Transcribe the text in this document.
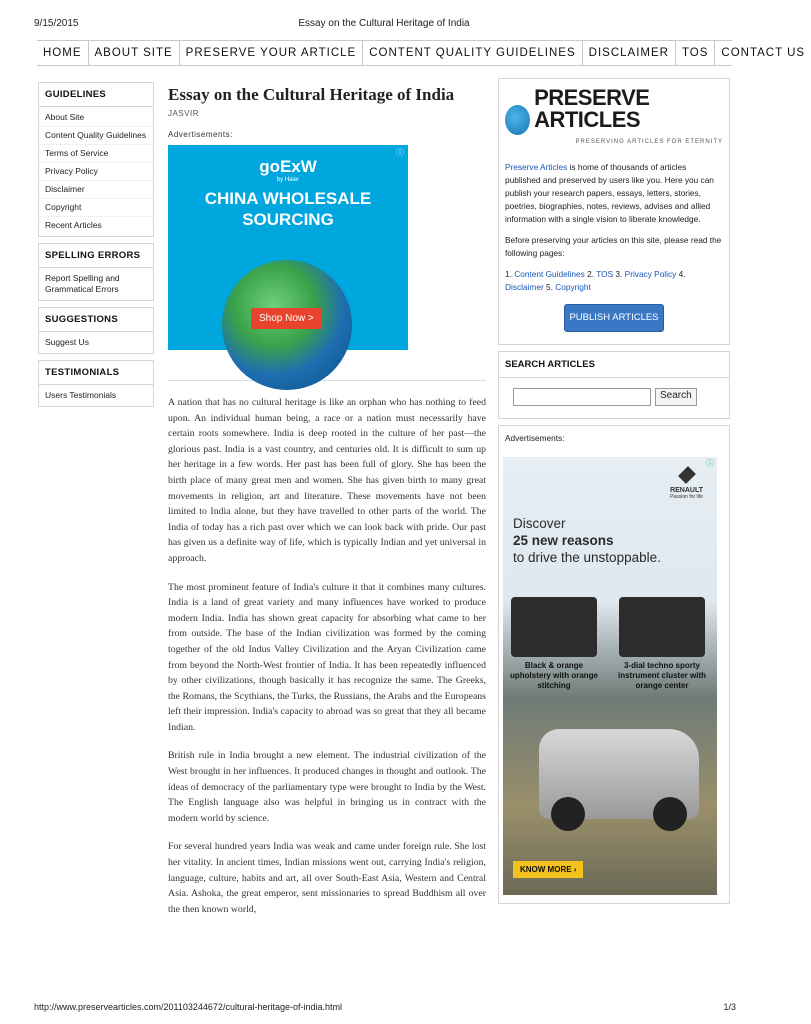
9/15/2015	Essay on the Cultural Heritage of India
HOME	ABOUT SITE	PRESERVE YOUR ARTICLE	CONTENT QUALITY GUIDELINES	DISCLAIMER	TOS	CONTACT US
GUIDELINES
About Site
Content Quality Guidelines
Terms of Service
Privacy Policy
Disclaimer
Copyright
Recent Articles
SPELLING ERRORS
Report Spelling and Grammatical Errors
SUGGESTIONS
Suggest Us
TESTIMONIALS
Users Testimonials
Essay on the Cultural Heritage of India
JASVIR
Advertisements:
ⓘ
goExW
by Haier
CHINA WHOLESALE SOURCING
Shop Now >

A nation that has no cultural heritage is like an orphan who has nothing to feed upon. An individual human being, a race or a nation must necessarily have certain roots somewhere. India is deep rooted in the culture of her past—the glorious past. India is a vast country, and centuries old. It is difficult to sum up her heritage in a few words. Her past has been full of glory. She has been the birth place of many great men and women. She has given birth to many great movements in religion, art and literature. These movements have not been limited to India alone, but they have travelled to other parts of the world. The India of today has a rich past over which we can look back with pride. Our past has given us a definite way of life, which is typically Indian and yet universal in approach.

The most prominent feature of India's culture it that it combines many cultures. India is a land of great variety and many influences have worked to produce modern India. India has shown great capacity for absorbing what came to her from outside. The base of the Indian civilization was formed by the coming together of the old Indus Valley Civilization and the Aryan Civilization came from beyond the North-West frontier of India. It has been repeatedly influenced by other civilizations, though basically it has recognize the same. The Greeks, the Romans, the Scythians, the Turks, the Russians, the Arabs and the Europeans left their impression. India's capacity to abroad was so great that they all became Indian.

British rule in India brought a new element. The industrial civilization of the West brought in her influences. It produced changes in thought and outlook. The ideas of democracy of the parliamentary type were brought to India by the West. The English language also was helpful in bringing us in contract with the modern world by science.

For several hundred years India was weak and came under foreign rule. She lost her vitality. In ancient times, Indian missions went out, carrying India's religion, language, culture, habits and art, all over South-East Asia, Western and Central Asia. Ashoka, the great emperor, sent missionaries to spread Buddhism all over the then known world,

PRESERVE ARTICLES
PRESERVING ARTICLES FOR ETERNITY
Preserve Articles is home of thousands of articles published and preserved by users like you. Here you can publish your research papers, essays, letters, stories, poetries, biographies, notes, reviews, advises and allied information with a single vision to liberate knowledge.
Before preserving your articles on this site, please read the following pages:
1. Content Guidelines 2. TOS 3. Privacy Policy 4. Disclaimer 5. Copyright
PUBLISH ARTICLES
SEARCH ARTICLES
Search
Advertisements:
ⓘ
RENAULT
Passion for life
Discover
25 new reasons
to drive the unstoppable.
Black & orange upholstery with orange stitching
3-dial techno sporty instrument cluster with orange center
KNOW MORE ›
http://www.preservearticles.com/201103244672/cultural-heritage-of-india.html	1/3
